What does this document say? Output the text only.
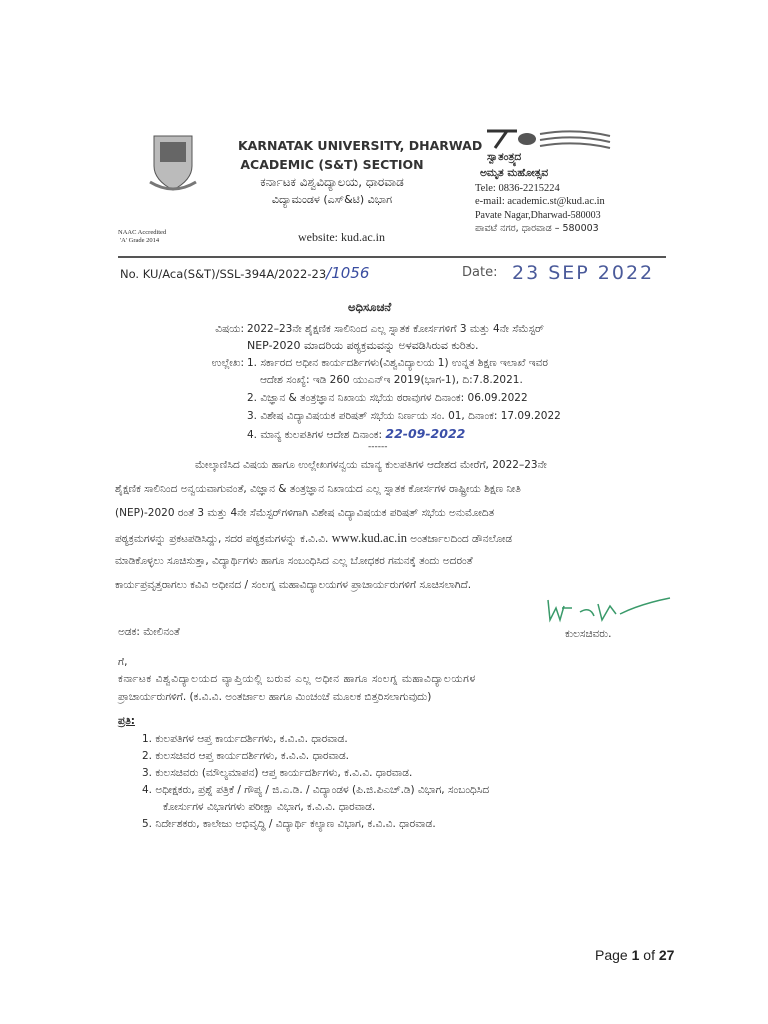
KARNATAK UNIVERSITY, DHARWAD
ACADEMIC (S&T) SECTION
ಕರ್ನಾಟಕ ವಿಶ್ವವಿದ್ಯಾಲಯ, ಧಾರವಾಡ
ವಿದ್ಯಾಮಂಡಳ (ಎಸ್&ಟಿ) ವಿಭಾಗ
ಸ್ವಾತಂತ್ರ್ಯದ
ಅಮೃತ ಮಹೋತ್ಸವ
Tele: 0836-2215224
e-mail: academic.st@kud.ac.in
Pavate Nagar,Dharwad-580003
ಪಾವಟೆ ನಗರ, ಧಾರವಾಡ – 580003
NAAC Accredited
'A' Grade 2014	website: kud.ac.in
No. KU/Aca(S&T)/SSL-394A/2022-23/1056	Date: 23 SEP 2022
ಅಧಿಸೂಚನೆ
ವಿಷಯ: 2022–23ನೇ ಶೈಕ್ಷಣಿಕ ಸಾಲಿನಿಂದ ಎಲ್ಲ ಸ್ನಾತಕ ಕೋರ್ಸಗಳಿಗೆ 3 ಮತ್ತು 4ನೇ ಸೆಮೆಸ್ಟರ್
NEP-2020 ಮಾದರಿಯ ಪಠ್ಯಕ್ರಮವನ್ನು ಅಳವಡಿಸಿರುವ ಕುರಿತು.
ಉಲ್ಲೇಖ: 1. ಸರ್ಕಾರದ ಅಧೀನ ಕಾರ್ಯದರ್ಶಿಗಳು(ವಿಶ್ವವಿದ್ಯಾಲಯ 1) ಉನ್ನತ ಶಿಕ್ಷಣ ಇಲಾಖೆ ಇವರ
ಆದೇಶ ಸಂಖ್ಯೆ: ಇಡಿ 260 ಯುಎನ್ಇ 2019(ಭಾಗ-1), ದಿ:7.8.2021.
2. ವಿಜ್ಞಾನ & ತಂತ್ರಜ್ಞಾನ ನಿಖಾಯ ಸಭೆಯ ಠರಾವುಗಳ ದಿನಾಂಕ: 06.09.2022
3. ವಿಶೇಷ ವಿದ್ಯಾವಿಷಯಕ ಪರಿಷತ್ ಸಭೆಯ ನಿರ್ಣಯ ಸಂ. 01, ದಿನಾಂಕ: 17.09.2022
4. ಮಾನ್ಯ ಕುಲಪತಿಗಳ ಆದೇಶ ದಿನಾಂಕ: 22-09-2022
------
ಮೇಲ್ಕಾಣಿಸಿದ ವಿಷಯ ಹಾಗೂ ಉಲ್ಲೇಖಗಳನ್ವಯ ಮಾನ್ಯ ಕುಲಪತಿಗಳ ಆದೇಶದ ಮೇರೆಗೆ, 2022–23ನೇ
ಶೈಕ್ಷಣಿಕ ಸಾಲಿನಿಂದ ಅನ್ವಯವಾಗುವಂತೆ, ವಿಜ್ಞಾನ & ತಂತ್ರಜ್ಞಾನ ನಿಖಾಯದ ಎಲ್ಲ ಸ್ನಾತಕ ಕೋರ್ಸಗಳ ರಾಷ್ಟ್ರೀಯ ಶಿಕ್ಷಣ ನೀತಿ
(NEP)-2020 ರಂತೆ 3 ಮತ್ತು 4ನೇ ಸೆಮೆಸ್ಟರ್‌ಗಳಿಗಾಗಿ ವಿಶೇಷ ವಿದ್ಯಾವಿಷಯಕ ಪರಿಷತ್ ಸಭೆಯ ಅನುಮೋದಿತ
ಪಠ್ಯಕ್ರಮಗಳನ್ನು ಪ್ರಕಟಪಡಿಸಿದ್ದು, ಸದರ ಪಠ್ಯಕ್ರಮಗಳನ್ನು ಕ.ವಿ.ವಿ. www.kud.ac.in ಅಂತರ್ಜಾಲದಿಂದ ಡೌನಲೋಡ
ಮಾಡಿಕೊಳ್ಳಲು ಸೂಚಿಸುತ್ತಾ, ವಿದ್ಯಾರ್ಥಿಗಳು ಹಾಗೂ ಸಂಬಂಧಿಸಿದ ಎಲ್ಲ ಬೋಧಕರ ಗಮನಕ್ಕೆ ತಂದು ಅದರಂತೆ
ಕಾರ್ಯಪ್ರವೃತ್ತರಾಗಲು ಕವಿವಿ ಅಧೀನದ / ಸಂಲಗ್ನ ಮಹಾವಿದ್ಯಾಲಯಗಳ ಪ್ರಾಚಾರ್ಯರುಗಳಿಗೆ ಸೂಚಿಸಲಾಗಿದೆ.
ಅಡಕ: ಮೇಲಿನಂತೆ	ಕುಲಸಚಿವರು.
ಗೆ,
ಕರ್ನಾಟಕ ವಿಶ್ವವಿದ್ಯಾಲಯದ ವ್ಯಾಪ್ತಿಯಲ್ಲಿ ಬರುವ ಎಲ್ಲ ಅಧೀನ ಹಾಗೂ ಸಂಲಗ್ನ ಮಹಾವಿದ್ಯಾಲಯಗಳ
ಪ್ರಾಚಾರ್ಯರುಗಳಿಗೆ. (ಕ.ವಿ.ವಿ. ಅಂತರ್ಜಾಲ ಹಾಗೂ ಮಿಂಚಂಚೆ ಮೂಲಕ ಬಿತ್ತರಿಸಲಾಗುವುದು)
ಪ್ರತಿ:
1. ಕುಲಪತಿಗಳ ಆಪ್ತ ಕಾರ್ಯದರ್ಶಿಗಳು, ಕ.ವಿ.ವಿ. ಧಾರವಾಡ.
2. ಕುಲಸಚಿವರ ಆಪ್ತ ಕಾರ್ಯದರ್ಶಿಗಳು, ಕ.ವಿ.ವಿ. ಧಾರವಾಡ.
3. ಕುಲಸಚಿವರು (ಮೌಲ್ಯಮಾಪನ) ಆಪ್ತ ಕಾರ್ಯದರ್ಶಿಗಳು, ಕ.ವಿ.ವಿ. ಧಾರವಾಡ.
4. ಅಧೀಕ್ಷಕರು, ಪ್ರಶ್ನೆ ಪತ್ರಿಕೆ / ಗೌಪ್ಯ / ಜಿ.ಎ.ಡಿ. / ವಿದ್ಯಾಂಡಳ (ಪಿ.ಜಿ.ಪಿಎಚ್.ಡಿ) ವಿಭಾಗ, ಸಂಬಂಧಿಸಿದ
ಕೋರ್ಸುಗಳ ವಿಭಾಗಗಳು ಪರೀಕ್ಷಾ ವಿಭಾಗ, ಕ.ವಿ.ವಿ. ಧಾರವಾಡ.
5. ನಿರ್ದೇಶಕರು, ಕಾಲೇಜು ಅಭಿವೃದ್ಧಿ / ವಿದ್ಯಾರ್ಥಿ ಕಲ್ಯಾಣ ವಿಭಾಗ, ಕ.ವಿ.ವಿ. ಧಾರವಾಡ.
Page 1 of 27
